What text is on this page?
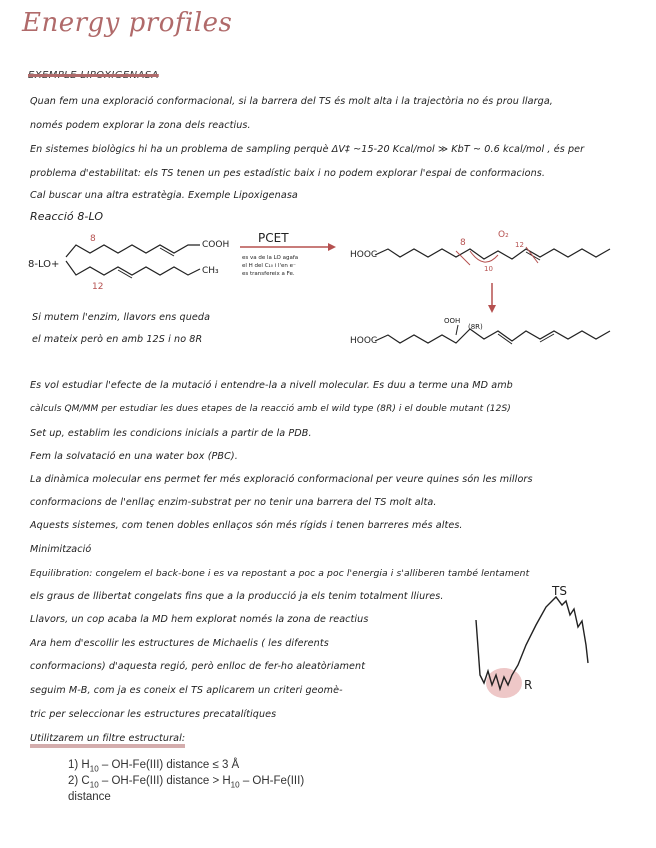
Energy profiles
EXEMPLE LIPOXIGENASA
Quan fem una exploració conformacional, si la barrera del TS és molt alta i la trajectòria no és prou llarga,
només podem explorar la zona dels reactius.
En sistemes biològics hi ha un problema de sampling perquè ΔV‡ ~15-20 Kcal/mol ≫ KbT ~ 0.6 kcal/mol , és per
problema d'estabilitat: els TS tenen un pes estadístic baix i no podem explorar l'espai de conformacions.
Cal buscar una altra estratègia. Exemple Lipoxigenasa
Reacció 8-LO
8-LO+
COOH
CH₃
8
12
PCET
es va de la LO agafa
el H del C₁₀ i l'en e⁻
es transfereix a Fe.
HOOC
8
10
12
O₂
HOOC
OOH
(8R)
Si mutem l'enzim, llavors ens queda
el mateix però en amb 12S i no 8R
Es vol estudiar l'efecte de la mutació i entendre-la a nivell molecular. Es duu a terme una MD amb
càlculs QM/MM per estudiar les dues etapes de la reacció amb el wild type (8R) i el double mutant (12S)
Set up, establim les condicions inicials a partir de la PDB.
Fem la solvatació en una water box (PBC).
La dinàmica molecular ens permet fer més exploració conformacional per veure quines són les millors
conformacions de l'enllaç enzim-substrat per no tenir una barrera del TS molt alta.
Aquests sistemes, com tenen dobles enllaços són més rígids i tenen barreres més altes.
Minimització
Equilibration: congelem el back-bone i es va repostant a poc a poc l'energia i s'alliberen també lentament
els graus de llibertat congelats fins que a la producció ja els tenim totalment lliures.
Llavors, un cop acaba la MD hem explorat només la zona de reactius
Ara hem d'escollir les estructures de Michaelis ( les diferents
conformacions) d'aquesta regió, però enlloc de fer-ho aleatòriament
seguim M-B, com ja es coneix el TS aplicarem un criteri geomè-
tric per seleccionar les estructures precatalítiques
Utilitzarem un filtre estructural:
TS
R
1) $H_{10} - OH-Fe(III)$ distance ≤ 3 Å
2) $C_{10} - OH-Fe(III)$ distance > $H_{10} - OH-Fe(III)$
distance
